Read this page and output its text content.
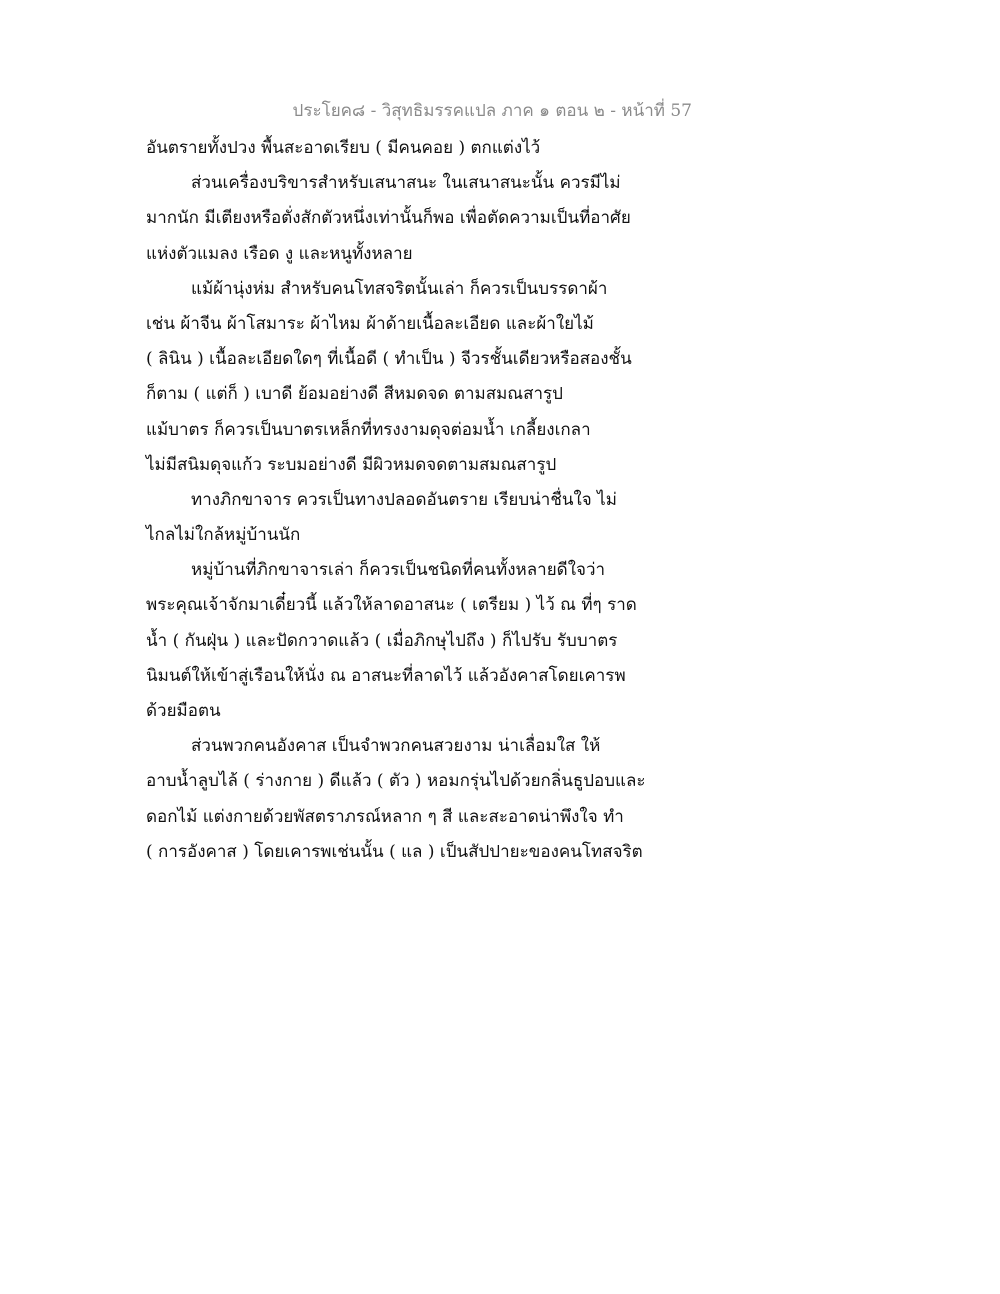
ประโยค๘ - วิสุทธิมรรคแปล ภาค ๑ ตอน ๒ - หน้าที่ 57
อันตรายทั้งปวง พื้นสะอาดเรียบ ( มีคนคอย ) ตกแต่งไว้
ส่วนเครื่องบริขารสำหรับเสนาสนะ ในเสนาสนะนั้น ควรมีไม่
มากนัก มีเตียงหรือตั่งสักตัวหนึ่งเท่านั้นก็พอ เพื่อตัดความเป็นที่อาศัย
แห่งตัวแมลง เรือด งู และหนูทั้งหลาย
แม้ผ้านุ่งห่ม สำหรับคนโทสจริตนั้นเล่า ก็ควรเป็นบรรดาผ้า
เช่น ผ้าจีน ผ้าโสมาระ ผ้าไหม ผ้าด้ายเนื้อละเอียด และผ้าใยไม้
( ลินิน ) เนื้อละเอียดใดๆ ที่เนื้อดี ( ทำเป็น ) จีวรชั้นเดียวหรือสองชั้น
ก็ตาม ( แต่ก็ ) เบาดี ย้อมอย่างดี สีหมดจด ตามสมณสารูป
แม้บาตร ก็ควรเป็นบาตรเหล็กที่ทรงงามดุจต่อมน้ำ เกลี้ยงเกลา
ไม่มีสนิมดุจแก้ว ระบมอย่างดี มีผิวหมดจดตามสมณสารูป
ทางภิกขาจาร ควรเป็นทางปลอดอันตราย เรียบน่าชื่นใจ ไม่
ไกลไม่ใกล้หมู่บ้านนัก
หมู่บ้านที่ภิกขาจารเล่า ก็ควรเป็นชนิดที่คนทั้งหลายดีใจว่า
พระคุณเจ้าจักมาเดี๋ยวนี้ แล้วให้ลาดอาสนะ ( เตรียม ) ไว้ ณ ที่ๆ ราด
น้ำ ( กันฝุ่น ) และปัดกวาดแล้ว ( เมื่อภิกษุไปถึง ) ก็ไปรับ รับบาตร
นิมนต์ให้เข้าสู่เรือนให้นั่ง ณ อาสนะที่ลาดไว้ แล้วอังคาสโดยเคารพ
ด้วยมือตน
ส่วนพวกคนอังคาส เป็นจำพวกคนสวยงาม น่าเลื่อมใส ให้
อาบน้ำลูบไล้ ( ร่างกาย ) ดีแล้ว ( ตัว ) หอมกรุ่นไปด้วยกลิ่นธูปอบและ
ดอกไม้ แต่งกายด้วยพัสตราภรณ์หลาก ๆ สี และสะอาดน่าพึงใจ ทำ
( การอังคาส ) โดยเคารพเช่นนั้น ( แล ) เป็นสัปปายะของคนโทสจริต
